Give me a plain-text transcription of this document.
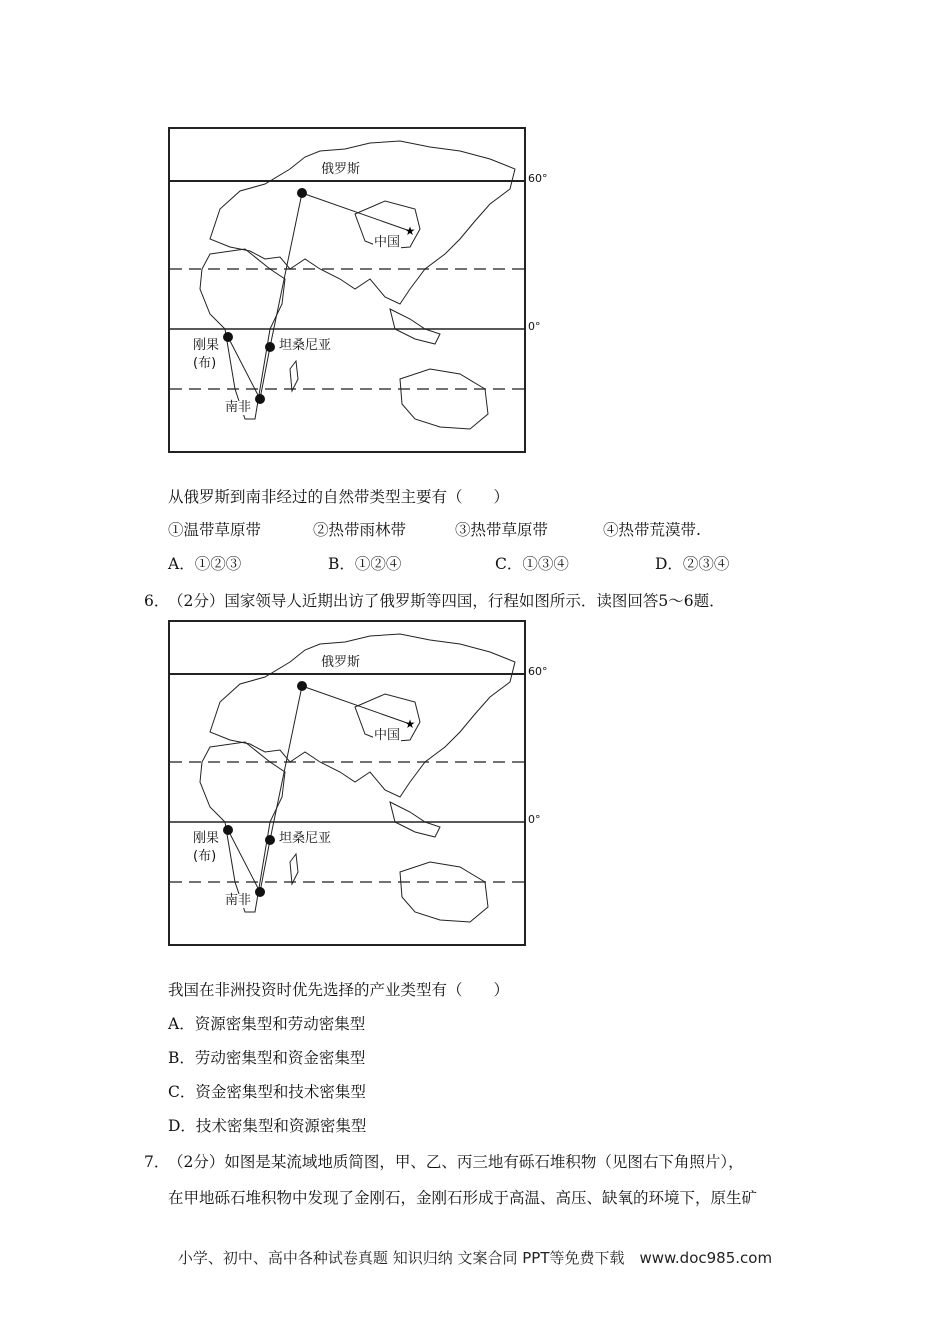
★
俄罗斯
中国
刚果
(布)
坦桑尼亚
南非
60°
0°
从俄罗斯到南非经过的自然带类型主要有（　　）
①温带草原带	②热带雨林带	③热带草原带	④热带荒漠带.
A．①②③	B．①②④	C．①③④	D．②③④
6．
（2分）国家领导人近期出访了俄罗斯等四国，行程如图所示．读图回答5～6题．
★
俄罗斯
中国
刚果
(布)
坦桑尼亚
南非
60°
0°
我国在非洲投资时优先选择的产业类型有（　　）
A．资源密集型和劳动密集型
B．劳动密集型和资金密集型
C．资金密集型和技术密集型
D．技术密集型和资源密集型
7．
（2分）如图是某流域地质简图，甲、乙、丙三地有砾石堆积物（见图右下角照片），
在甲地砾石堆积物中发现了金刚石，金刚石形成于高温、高压、缺氧的环境下，原生矿
小学、初中、高中各种试卷真题 知识归纳 文案合同 PPT等免费下载　www.doc985.com
